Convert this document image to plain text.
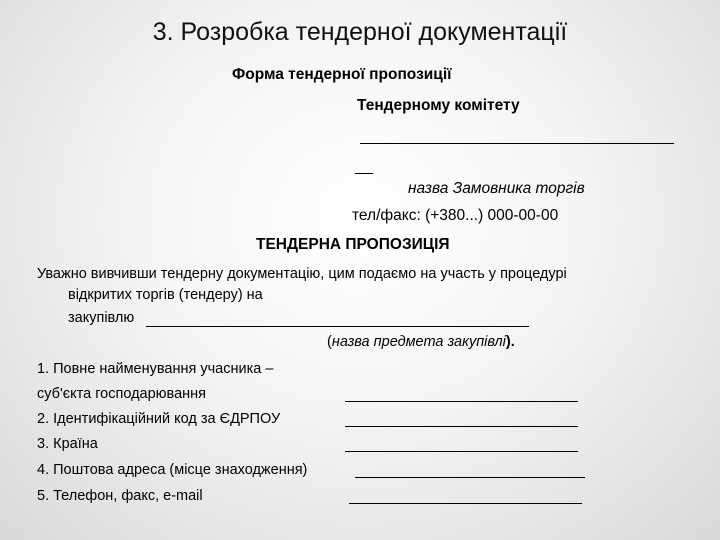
3. Розробка тендерної документації
Форма тендерної пропозиції
Тендерному комітету
назва Замовника торгів
тел/факс: (+380...) 000-00-00
ТЕНДЕРНА ПРОПОЗИЦІЯ
Уважно вивчивши тендерну документацію, цим подаємо на участь у процедурі
відкритих торгів (тендеру) на
закупівлю
(назва предмета закупівлі).
1. Повне найменування учасника –
суб'єкта господарювання
2. Ідентифікаційний код за ЄДРПОУ
3. Країна
4. Поштова адреса (місце знаходження)
5. Телефон, факс, e-mail
